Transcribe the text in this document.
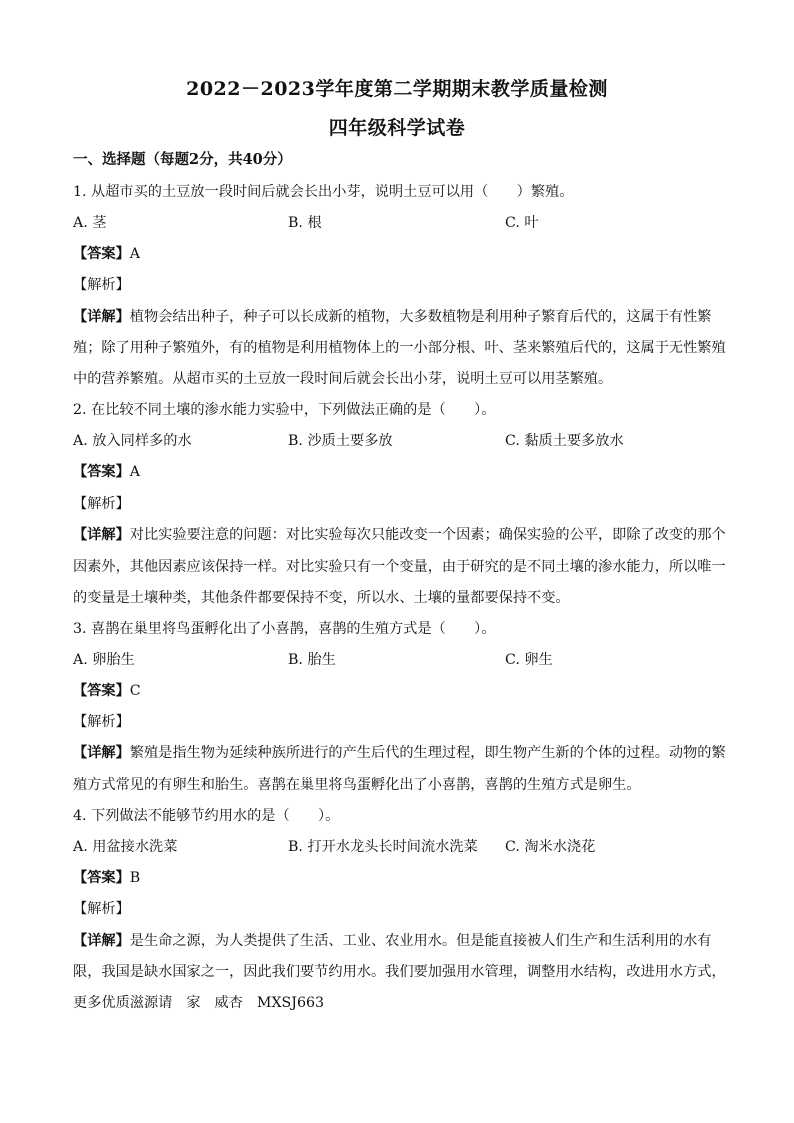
2022－2023学年度第二学期期末教学质量检测
四年级科学试卷
一、选择题（每题2分，共40分）
1. 从超市买的土豆放一段时间后就会长出小芽，说明土豆可以用（　　）繁殖。
A. 茎	B. 根	C. 叶
【答案】A
【解析】
【详解】植物会结出种子，种子可以长成新的植物，大多数植物是利用种子繁育后代的，这属于有性繁
殖；除了用种子繁殖外，有的植物是利用植物体上的一小部分根、叶、茎来繁殖后代的，这属于无性繁殖
中的营养繁殖。从超市买的土豆放一段时间后就会长出小芽，说明土豆可以用茎繁殖。
2. 在比较不同土壤的渗水能力实验中，下列做法正确的是（　　）。
A. 放入同样多的水	B. 沙质土要多放	C. 黏质土要多放水
【答案】A
【解析】
【详解】对比实验要注意的问题：对比实验每次只能改变一个因素；确保实验的公平，即除了改变的那个
因素外，其他因素应该保持一样。对比实验只有一个变量，由于研究的是不同土壤的渗水能力，所以唯一
的变量是土壤种类，其他条件都要保持不变，所以水、土壤的量都要保持不变。
3. 喜鹊在巢里将鸟蛋孵化出了小喜鹊，喜鹊的生殖方式是（　　）。
A. 卵胎生	B. 胎生	C. 卵生
【答案】C
【解析】
【详解】繁殖是指生物为延续种族所进行的产生后代的生理过程，即生物产生新的个体的过程。动物的繁
殖方式常见的有卵生和胎生。喜鹊在巢里将鸟蛋孵化出了小喜鹊，喜鹊的生殖方式是卵生。
4. 下列做法不能够节约用水的是（　　）。
A. 用盆接水洗菜	B. 打开水龙头长时间流水洗菜 C. 淘米水浇花
【答案】B
【解析】
【详解】是生命之源，为人类提供了生活、工业、农业用水。但是能直接被人们生产和生活利用的水有
限，我国是缺水国家之一，因此我们要节约用水。我们要加强用水管理，调整用水结构，改进用水方式，
更多优质滋源请 家 威杏 MXSJ663
